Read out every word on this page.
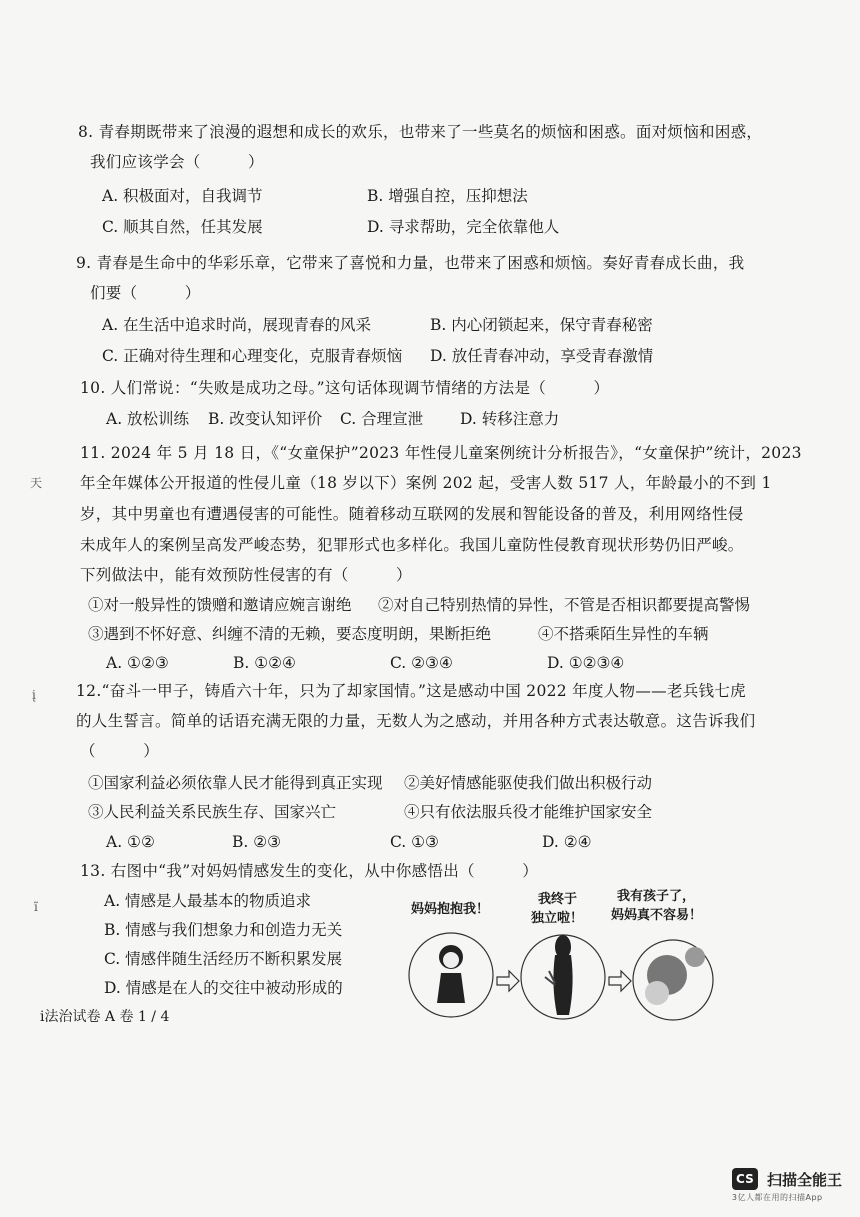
8. 青春期既带来了浪漫的遐想和成长的欢乐，也带来了一些莫名的烦恼和困惑。面对烦恼和困惑，
我们应该学会（　　　）
A. 积极面对，自我调节	B. 增强自控，压抑想法
C. 顺其自然，任其发展	D. 寻求帮助，完全依靠他人
9. 青春是生命中的华彩乐章，它带来了喜悦和力量，也带来了困惑和烦恼。奏好青春成长曲，我
们要（　　　）
A. 在生活中追求时尚，展现青春的风采	B. 内心闭锁起来，保守青春秘密
C. 正确对待生理和心理变化，克服青春烦恼 D. 放任青春冲动，享受青春激情
10. 人们常说：“失败是成功之母。”这句话体现调节情绪的方法是（　　　）
A. 放松训练 B. 改变认知评价 C. 合理宣泄 D. 转移注意力
11. 2024 年 5 月 18 日，《“女童保护”2023 年性侵儿童案例统计分析报告》，“女童保护”统计，2023
年全年媒体公开报道的性侵儿童（18 岁以下）案例 202 起，受害人数 517 人，年龄最小的不到 1
岁，其中男童也有遭遇侵害的可能性。随着移动互联网的发展和智能设备的普及，利用网络性侵
未成年人的案例呈高发严峻态势，犯罪形式也多样化。我国儿童防性侵教育现状形势仍旧严峻。
下列做法中，能有效预防性侵害的有（　　　）
①对一般异性的馈赠和邀请应婉言谢绝 ②对自己特别热情的异性，不管是否相识都要提高警惕
③遇到不怀好意、纠缠不清的无赖，要态度明朗，果断拒绝	④不搭乘陌生异性的车辆
A. ①②③	B. ①②④	C. ②③④	D. ①②③④
12.“奋斗一甲子，铸盾六十年，只为了却家国情。”这是感动中国 2022 年度人物——老兵钱七虎
的人生誓言。简单的话语充满无限的力量，无数人为之感动，并用各种方式表达敬意。这告诉我们
（　　　）
①国家利益必须依靠人民才能得到真正实现 ②美好情感能驱使我们做出积极行动
③人民利益关系民族生存、国家兴亡	④只有依法服兵役才能维护国家安全
A. ①②	B. ②③	C. ①③	D. ②④
13. 右图中“我”对妈妈情感发生的变化，从中你感悟出（　　　）
A. 情感是人最基本的物质追求
B. 情感与我们想象力和创造力无关
C. 情感伴随生活经历不断积累发展
D. 情感是在人的交往中被动形成的
妈妈抱抱我！
我终于
独立啦！
我有孩子了，
妈妈真不容易！
天
į
ĩ
i法治试卷 A 卷 1 / 4
CS 扫描全能王
3亿人都在用的扫描App
